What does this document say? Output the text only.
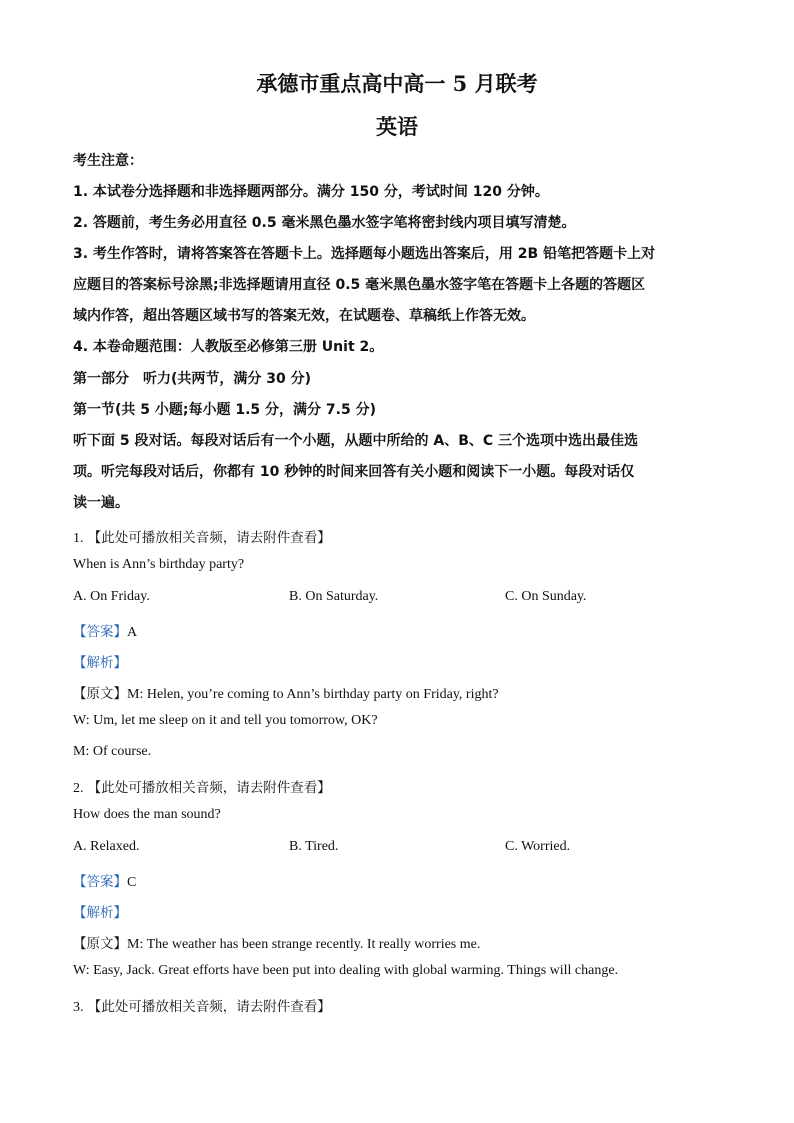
承德市重点高中高一 5 月联考
英语
考生注意：
1. 本试卷分选择题和非选择题两部分。满分 150 分，考试时间 120 分钟。
2. 答题前，考生务必用直径 0.5 毫米黑色墨水签字笔将密封线内项目填写清楚。
3. 考生作答时，请将答案答在答题卡上。选择题每小题选出答案后，用 2B 铅笔把答题卡上对
应题目的答案标号涂黑;非选择题请用直径 0.5 毫米黑色墨水签字笔在答题卡上各题的答题区
域内作答，超出答题区域书写的答案无效，在试题卷、草稿纸上作答无效。
4. 本卷命题范围：人教版至必修第三册 Unit 2。
第一部分　听力(共两节，满分 30 分)
第一节(共 5 小题;每小题 1.5 分，满分 7.5 分)
听下面 5 段对话。每段对话后有一个小题，从题中所给的 A、B、C 三个选项中选出最佳选
项。听完每段对话后，你都有 10 秒钟的时间来回答有关小题和阅读下一小题。每段对话仅
读一遍。
1. 【此处可播放相关音频，请去附件查看】
When is Ann’s birthday party?
A. On Friday.	B. On Saturday.	C. On Sunday.
【答案】A
【解析】
【原文】M: Helen, you’re coming to Ann’s birthday party on Friday, right?
W: Um, let me sleep on it and tell you tomorrow, OK?
M: Of course.
2. 【此处可播放相关音频，请去附件查看】
How does the man sound?
A. Relaxed.	B. Tired.	C. Worried.
【答案】C
【解析】
【原文】M: The weather has been strange recently. It really worries me.
W: Easy, Jack. Great efforts have been put into dealing with global warming. Things will change.
3. 【此处可播放相关音频，请去附件查看】
